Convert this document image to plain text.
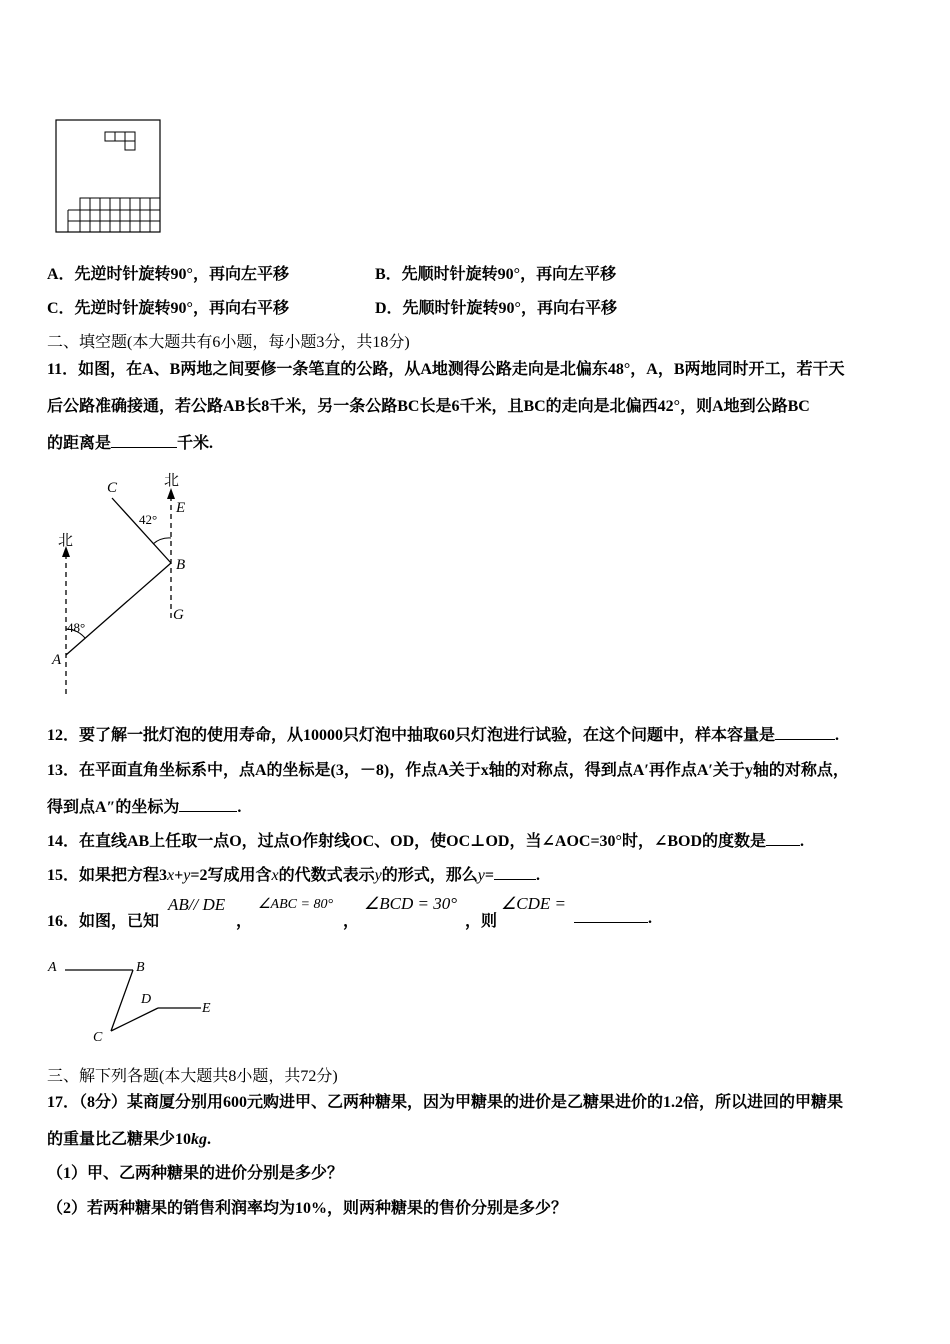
A．先逆时针旋转90°，再向左平移	B．先顺时针旋转90°，再向左平移
C．先逆时针旋转90°，再向右平移	D．先顺时针旋转90°，再向右平移
二、填空题(本大题共有6小题，每小题3分，共18分)
11．如图，在A、B两地之间要修一条笔直的公路，从A地测得公路走向是北偏东48°，A，B两地同时开工，若干天
后公路准确接通，若公路AB长8千米，另一条公路BC长是6千米，且BC的走向是北偏西42°，则A地到公路BC
的距离是	千米.
北
北
48°
42°
A
B
C
E
G
12．要了解一批灯泡的使用寿命，从10000只灯泡中抽取60只灯泡进行试验，在这个问题中，样本容量是	.
13．在平面直角坐标系中，点A的坐标是(3，－8)，作点A关于x轴的对称点，得到点A′再作点A′关于y轴的对称点，
得到点A″的坐标为	.
14．在直线AB上任取一点O，过点O作射线OC、OD，使OC⊥OD，当∠AOC=30°时，∠BOD的度数是 .
15．如果把方程3x+y=2写成用含x的代数式表示y的形式，那么y=	.
16．如图，已知
AB// DE
，
∠ABC = 80°
，
∠BCD = 30°
，则
∠CDE =
.
A	B
C
D
E
三、解下列各题(本大题共8小题，共72分)
17．（8分）某商厦分别用600元购进甲、乙两种糖果，因为甲糖果的进价是乙糖果进价的1.2倍，所以进回的甲糖果
的重量比乙糖果少10kg.
（1）甲、乙两种糖果的进价分别是多少？
（2）若两种糖果的销售利润率均为10%，则两种糖果的售价分别是多少？
